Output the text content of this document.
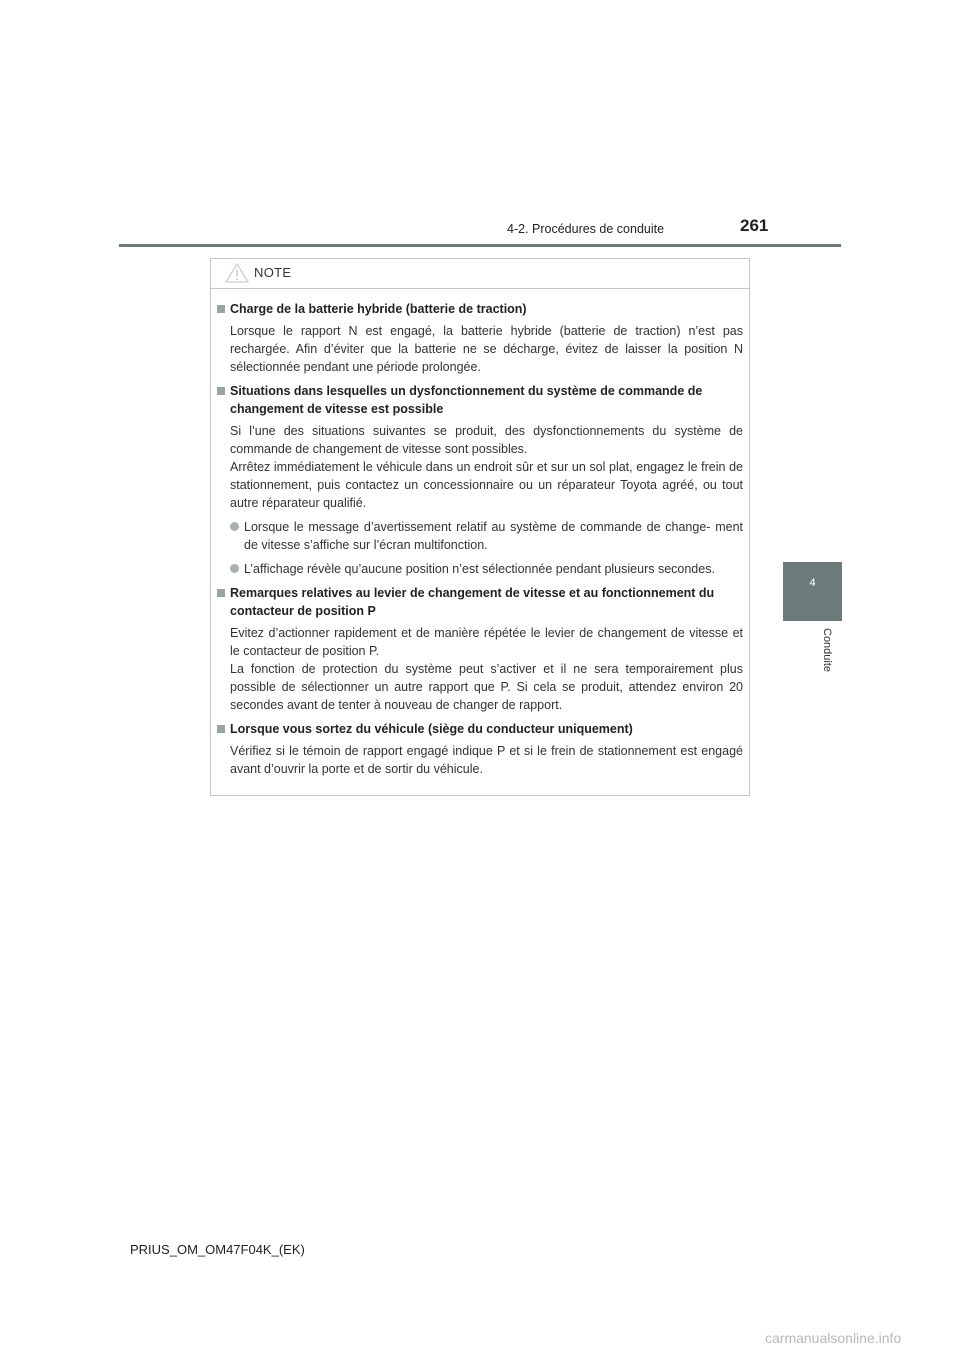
4-2. Procédures de conduite	261
4
Conduite
NOTE
Charge de la batterie hybride (batterie de traction)

Lorsque le rapport N est engagé, la batterie hybride (batterie de traction) n’est pas rechargée. Afin d’éviter que la batterie ne se décharge, évitez de laisser la position N sélectionnée pendant une période prolongée.

Situations dans lesquelles un dysfonctionnement du système de commande de changement de vitesse est possible

Si l’une des situations suivantes se produit, des dysfonctionnements du système de commande de changement de vitesse sont possibles.

Arrêtez immédiatement le véhicule dans un endroit sûr et sur un sol plat, engagez le frein de stationnement, puis contactez un concessionnaire ou un réparateur Toyota agréé, ou tout autre réparateur qualifié.

Lorsque le message d’avertissement relatif au système de commande de change- ment de vitesse s’affiche sur l’écran multifonction.
L’affichage révèle qu’aucune position n’est sélectionnée pendant plusieurs secondes.
Remarques relatives au levier de changement de vitesse et au fonctionnement du contacteur de position P

Evitez d’actionner rapidement et de manière répétée le levier de changement de vitesse et le contacteur de position P.

La fonction de protection du système peut s’activer et il ne sera temporairement plus possible de sélectionner un autre rapport que P. Si cela se produit, attendez environ 20 secondes avant de tenter à nouveau de changer de rapport.

Lorsque vous sortez du véhicule (siège du conducteur uniquement)

Vérifiez si le témoin de rapport engagé indique P et si le frein de stationnement est engagé avant d’ouvrir la porte et de sortir du véhicule.

PRIUS_OM_OM47F04K_(EK)
carmanualsonline.info
